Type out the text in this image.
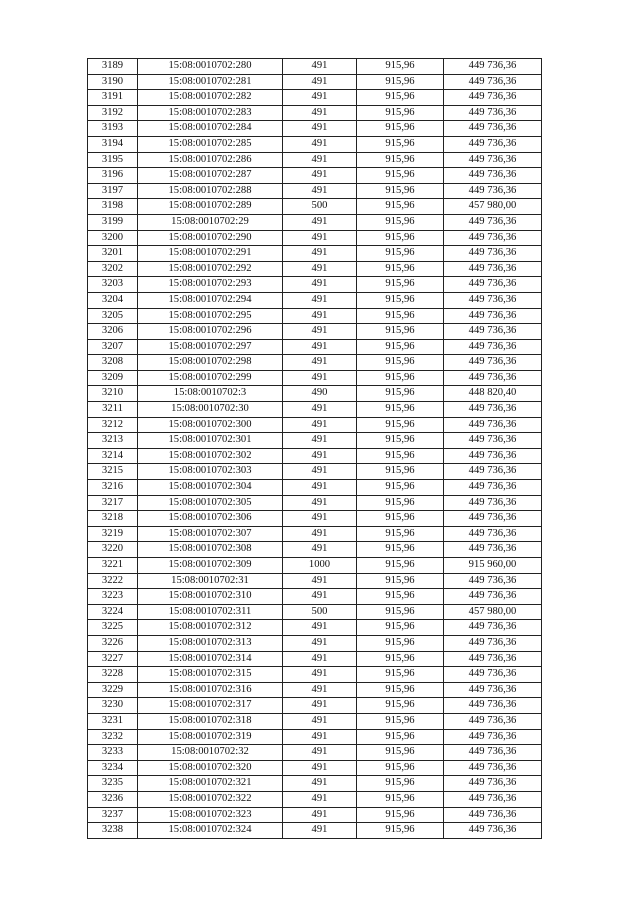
3189	15:08:0010702:280	491	915,96	449 736,36
3190	15:08:0010702:281	491	915,96	449 736,36
3191	15:08:0010702:282	491	915,96	449 736,36
3192	15:08:0010702:283	491	915,96	449 736,36
3193	15:08:0010702:284	491	915,96	449 736,36
3194	15:08:0010702:285	491	915,96	449 736,36
3195	15:08:0010702:286	491	915,96	449 736,36
3196	15:08:0010702:287	491	915,96	449 736,36
3197	15:08:0010702:288	491	915,96	449 736,36
3198	15:08:0010702:289	500	915,96	457 980,00
3199	15:08:0010702:29	491	915,96	449 736,36
3200	15:08:0010702:290	491	915,96	449 736,36
3201	15:08:0010702:291	491	915,96	449 736,36
3202	15:08:0010702:292	491	915,96	449 736,36
3203	15:08:0010702:293	491	915,96	449 736,36
3204	15:08:0010702:294	491	915,96	449 736,36
3205	15:08:0010702:295	491	915,96	449 736,36
3206	15:08:0010702:296	491	915,96	449 736,36
3207	15:08:0010702:297	491	915,96	449 736,36
3208	15:08:0010702:298	491	915,96	449 736,36
3209	15:08:0010702:299	491	915,96	449 736,36
3210	15:08:0010702:3	490	915,96	448 820,40
3211	15:08:0010702:30	491	915,96	449 736,36
3212	15:08:0010702:300	491	915,96	449 736,36
3213	15:08:0010702:301	491	915,96	449 736,36
3214	15:08:0010702:302	491	915,96	449 736,36
3215	15:08:0010702:303	491	915,96	449 736,36
3216	15:08:0010702:304	491	915,96	449 736,36
3217	15:08:0010702:305	491	915,96	449 736,36
3218	15:08:0010702:306	491	915,96	449 736,36
3219	15:08:0010702:307	491	915,96	449 736,36
3220	15:08:0010702:308	491	915,96	449 736,36
3221	15:08:0010702:309	1000	915,96	915 960,00
3222	15:08:0010702:31	491	915,96	449 736,36
3223	15:08:0010702:310	491	915,96	449 736,36
3224	15:08:0010702:311	500	915,96	457 980,00
3225	15:08:0010702:312	491	915,96	449 736,36
3226	15:08:0010702:313	491	915,96	449 736,36
3227	15:08:0010702:314	491	915,96	449 736,36
3228	15:08:0010702:315	491	915,96	449 736,36
3229	15:08:0010702:316	491	915,96	449 736,36
3230	15:08:0010702:317	491	915,96	449 736,36
3231	15:08:0010702:318	491	915,96	449 736,36
3232	15:08:0010702:319	491	915,96	449 736,36
3233	15:08:0010702:32	491	915,96	449 736,36
3234	15:08:0010702:320	491	915,96	449 736,36
3235	15:08:0010702:321	491	915,96	449 736,36
3236	15:08:0010702:322	491	915,96	449 736,36
3237	15:08:0010702:323	491	915,96	449 736,36
3238	15:08:0010702:324	491	915,96	449 736,36
